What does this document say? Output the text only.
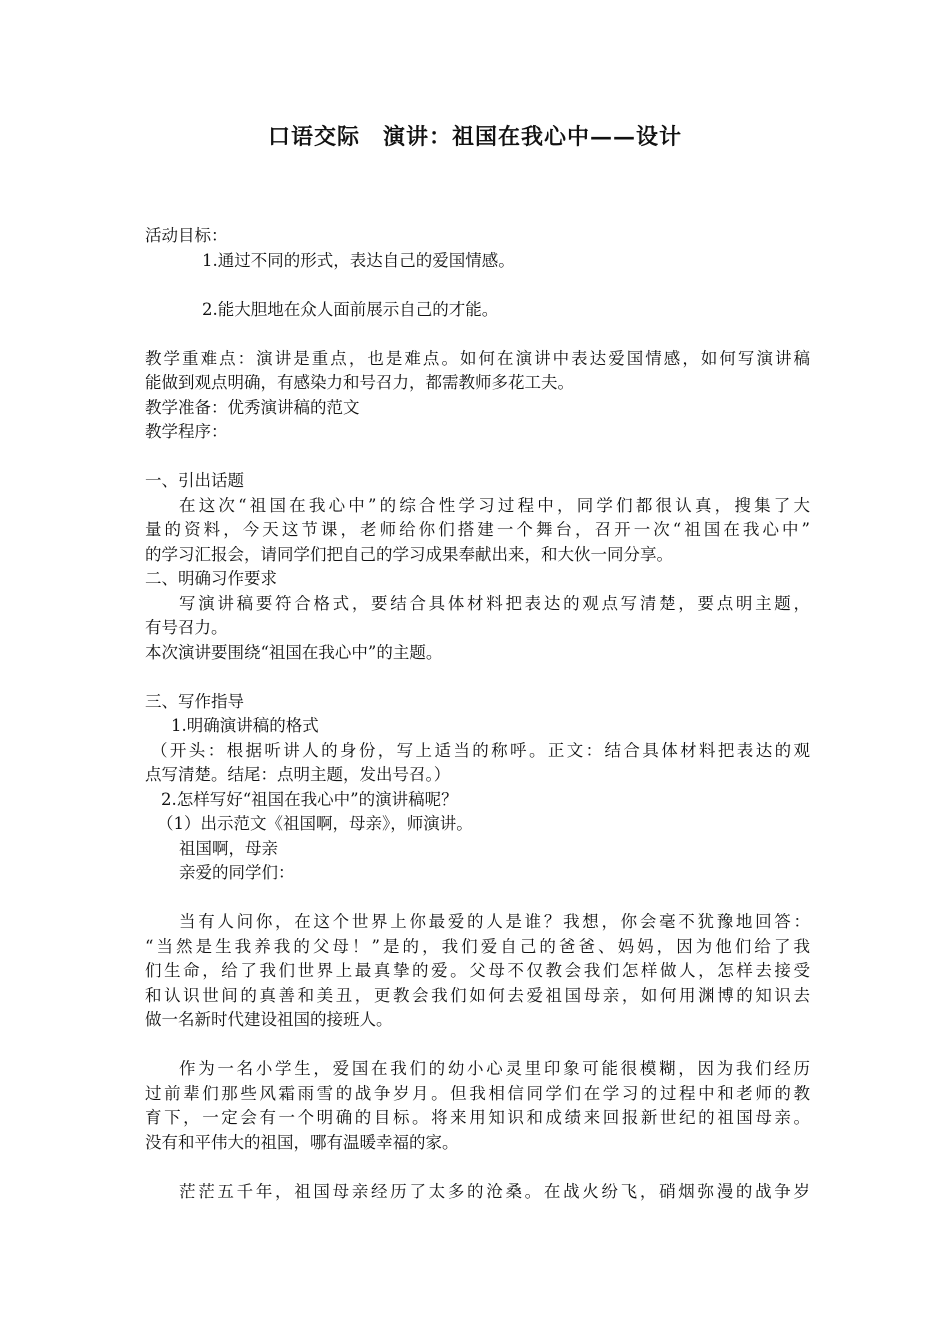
口语交际　演讲：祖国在我心中——设计
活动目标：
1.通过不同的形式，表达自己的爱国情感。
2.能大胆地在众人面前展示自己的才能。
教学重难点：演讲是重点，也是难点。如何在演讲中表达爱国情感，如何写演讲稿
能做到观点明确，有感染力和号召力，都需教师多花工夫。
教学准备：优秀演讲稿的范文
教学程序：
一、引出话题
在这次“祖国在我心中”的综合性学习过程中，同学们都很认真，搜集了大
量的资料，今天这节课，老师给你们搭建一个舞台，召开一次“祖国在我心中”
的学习汇报会，请同学们把自己的学习成果奉献出来，和大伙一同分享。
二、明确习作要求
写演讲稿要符合格式，要结合具体材料把表达的观点写清楚，要点明主题，
有号召力。
本次演讲要围绕“祖国在我心中”的主题。
三、写作指导
1.明确演讲稿的格式
（开头：根据听讲人的身份，写上适当的称呼。正文：结合具体材料把表达的观
点写清楚。结尾：点明主题，发出号召。）
2.怎样写好“祖国在我心中”的演讲稿呢？
（1）出示范文《祖国啊，母亲》，师演讲。
祖国啊，母亲
亲爱的同学们：
当有人问你，在这个世界上你最爱的人是谁？我想，你会毫不犹豫地回答：
“当然是生我养我的父母！”是的，我们爱自己的爸爸、妈妈，因为他们给了我
们生命，给了我们世界上最真挚的爱。父母不仅教会我们怎样做人，怎样去接受
和认识世间的真善和美丑，更教会我们如何去爱祖国母亲，如何用渊博的知识去
做一名新时代建设祖国的接班人。
作为一名小学生，爱国在我们的幼小心灵里印象可能很模糊，因为我们经历
过前辈们那些风霜雨雪的战争岁月。但我相信同学们在学习的过程中和老师的教
育下，一定会有一个明确的目标。将来用知识和成绩来回报新世纪的祖国母亲。
没有和平伟大的祖国，哪有温暖幸福的家。
茫茫五千年，祖国母亲经历了太多的沧桑。在战火纷飞，硝烟弥漫的战争岁
